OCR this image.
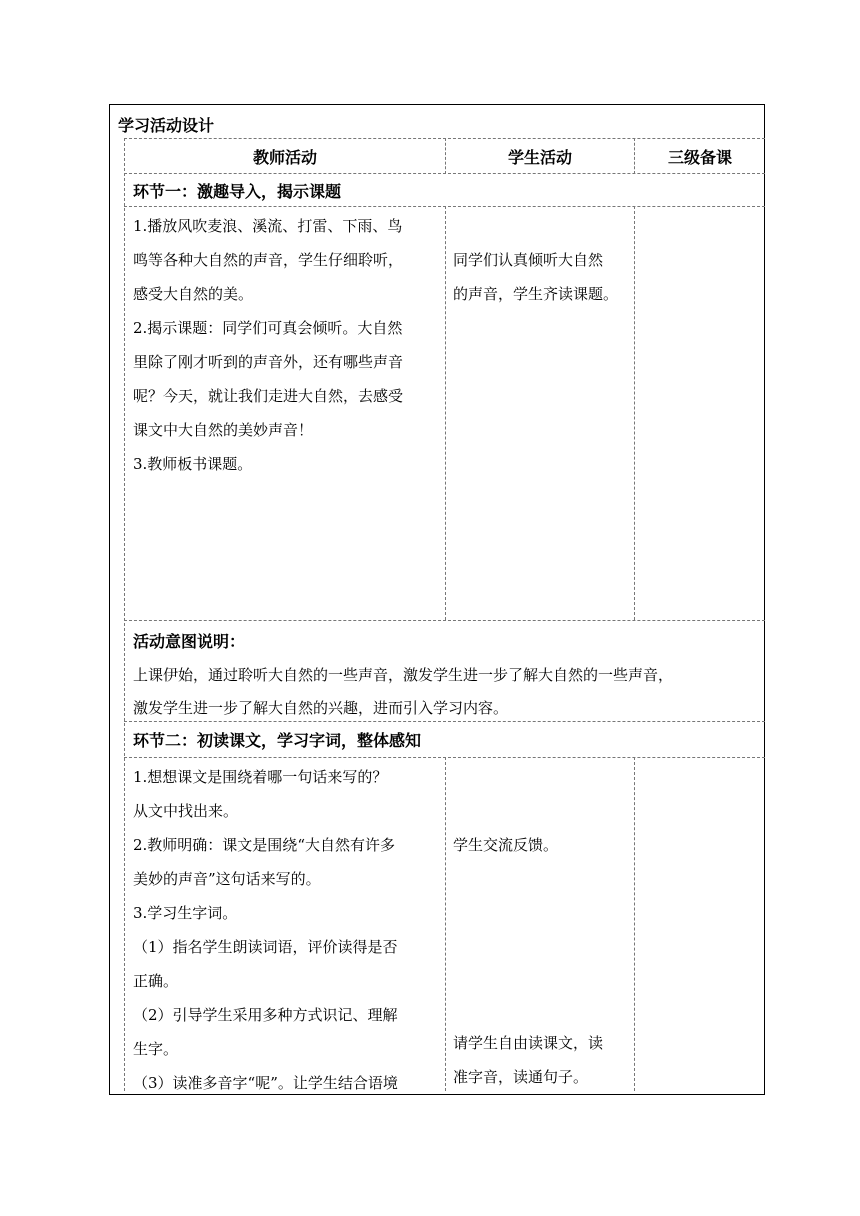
学习活动设计
教师活动	学生活动	三级备课
环节一：激趣导入，揭示课题

1.播放风吹麦浪、溪流、打雷、下雨、鸟

鸣等各种大自然的声音，学生仔细聆听，

感受大自然的美。

2.揭示课题：同学们可真会倾听。大自然

里除了刚才听到的声音外，还有哪些声音

呢？今天，就让我们走进大自然，去感受

课文中大自然的美妙声音！

3.教师板书课题。

同学们认真倾听大自然

的声音，学生齐读课题。

活动意图说明：
上课伊始，通过聆听大自然的一些声音，激发学生进一步了解大自然的一些声音，
激发学生进一步了解大自然的兴趣，进而引入学习内容。
环节二：初读课文，学习字词，整体感知

1.想想课文是围绕着哪一句话来写的？

从文中找出来。

2.教师明确：课文是围绕“大自然有许多

美妙的声音”这句话来写的。

3.学习生字词。

（1）指名学生朗读词语，评价读得是否

正确。

（2）引导学生采用多种方式识记、理解

生字。

（3）读准多音字“呢”。让学生结合语境

学生交流反馈。

请学生自由读课文，读

准字音，读通句子。
